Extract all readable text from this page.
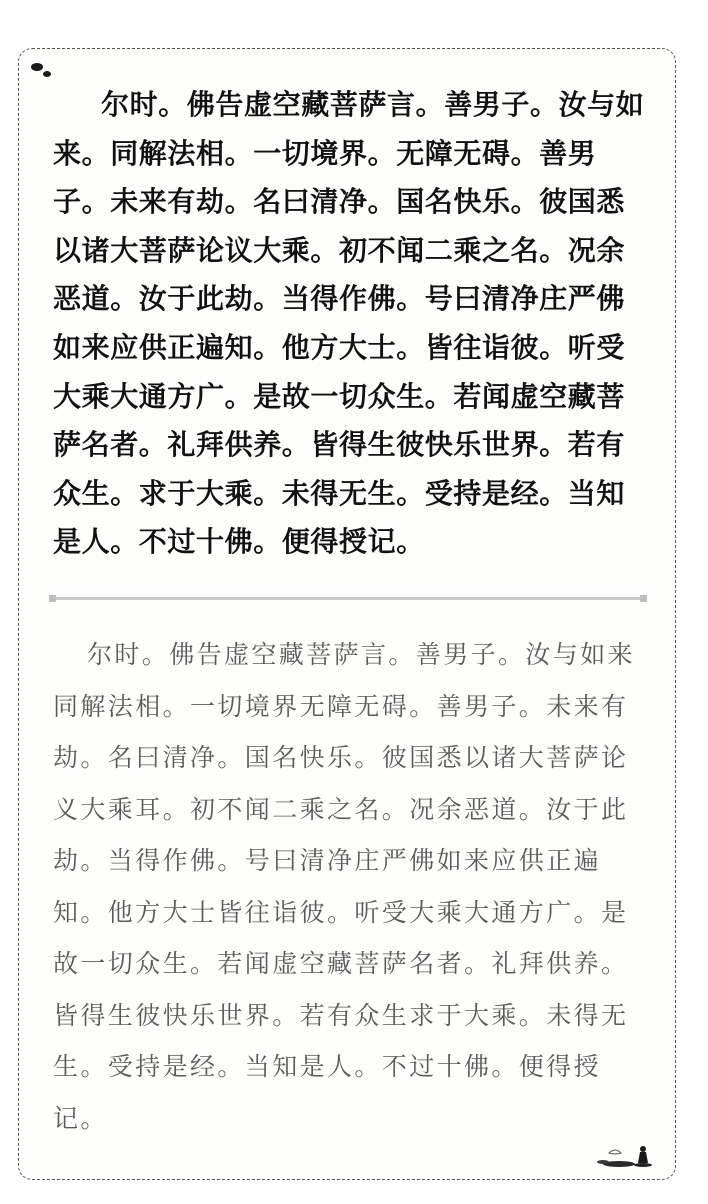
尔时。佛告虚空藏菩萨言。善男子。汝与如来。同解法相。一切境界。无障无碍。善男子。未来有劫。名曰清净。国名快乐。彼国悉以诸大菩萨论议大乘。初不闻二乘之名。况余恶道。汝于此劫。当得作佛。号曰清净庄严佛如来应供正遍知。他方大士。皆往诣彼。听受大乘大通方广。是故一切众生。若闻虚空藏菩萨名者。礼拜供养。皆得生彼快乐世界。若有众生。求于大乘。未得无生。受持是经。当知是人。不过十佛。便得授记。

尔时。佛告虚空藏菩萨言。善男子。汝与如来同解法相。一切境界无障无碍。善男子。未来有劫。名曰清净。国名快乐。彼国悉以诸大菩萨论义大乘耳。初不闻二乘之名。况余恶道。汝于此劫。当得作佛。号曰清净庄严佛如来应供正遍知。他方大士皆往诣彼。听受大乘大通方广。是故一切众生。若闻虚空藏菩萨名者。礼拜供养。皆得生彼快乐世界。若有众生求于大乘。未得无生。受持是经。当知是人。不过十佛。便得授记。
